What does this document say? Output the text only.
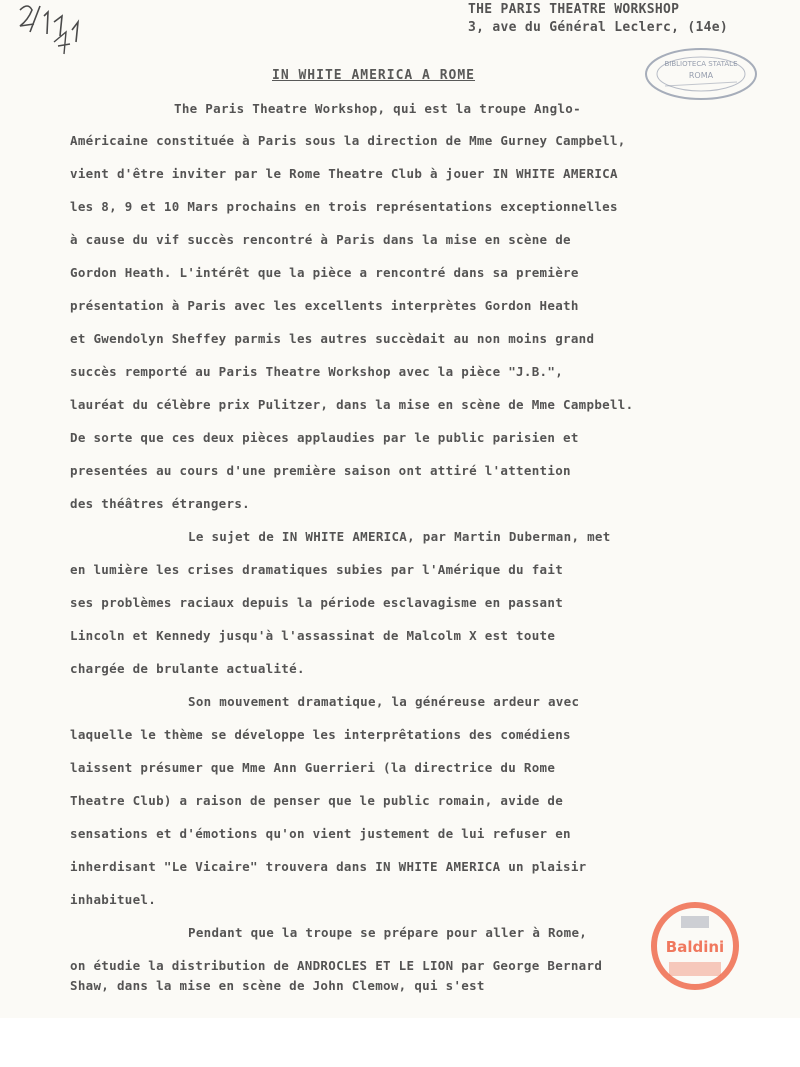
THE PARIS THEATRE WORKSHOP
3, ave du Général Leclerc, (14e)
BIBLIOTECA STATALE
ROMA
IN WHITE AMERICA A ROME
The Paris Theatre Workshop, qui est la troupe Anglo-
Américaine constituée à Paris sous la direction de Mme Gurney Campbell,
vient d'être inviter par le Rome Theatre Club à jouer IN WHITE AMERICA
les 8, 9 et 10 Mars prochains en trois représentations exceptionnelles
à cause du vif succès rencontré à Paris dans la mise en scène de
Gordon Heath. L'intérêt que la pièce a rencontré dans sa première
présentation à Paris avec les excellents interprètes Gordon Heath
et Gwendolyn Sheffey parmis les autres succèdait au non moins grand
succès remporté au Paris Theatre Workshop avec la pièce "J.B.",
lauréat du célèbre prix Pulitzer, dans la mise en scène de Mme Campbell.
De sorte que ces deux pièces applaudies par le public parisien et
presentées au cours d'une première saison ont attiré l'attention
des théâtres étrangers.
Le sujet de IN WHITE AMERICA, par Martin Duberman, met
en lumière les crises dramatiques subies par l'Amérique du fait
ses problèmes raciaux depuis la période esclavagisme en passant
Lincoln et Kennedy jusqu'à l'assassinat de Malcolm X est toute
chargée de brulante actualité.
Son mouvement dramatique, la généreuse ardeur avec
laquelle le thème se développe les interprêtations des comédiens
laissent présumer que Mme Ann Guerrieri (la directrice du Rome
Theatre Club) a raison de penser que le public romain, avide de
sensations et d'émotions qu'on vient justement de lui refuser en
inherdisant "Le Vicaire" trouvera dans IN WHITE AMERICA un plaisir
inhabituel.
Pendant que la troupe se prépare pour aller à Rome,
on étudie la distribution de ANDROCLES ET LE LION par George Bernard
Shaw, dans la mise en scène de John Clemow, qui s'est
Baldini
